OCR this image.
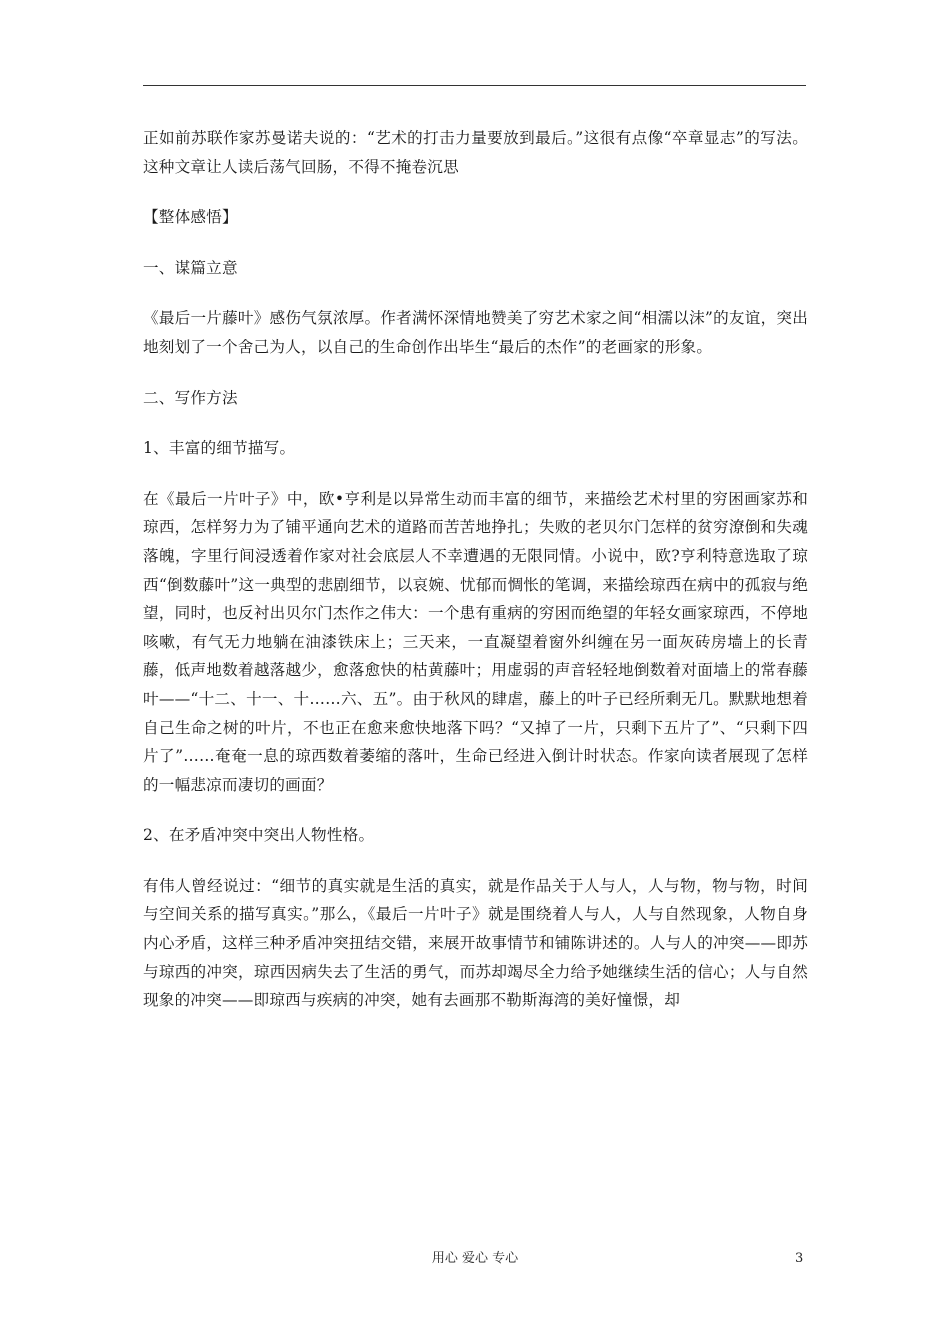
正如前苏联作家苏曼诺夫说的：“艺术的打击力量要放到最后。”这很有点像“卒章显志”的写法。这种文章让人读后荡气回肠，不得不掩卷沉思

【整体感悟】

一、谋篇立意

《最后一片藤叶》感伤气氛浓厚。作者满怀深情地赞美了穷艺术家之间“相濡以沫”的友谊，突出地刻划了一个舍己为人，以自己的生命创作出毕生“最后的杰作”的老画家的形象。

二、写作方法

1、丰富的细节描写。

在《最后一片叶子》中，欧•亨利是以异常生动而丰富的细节，来描绘艺术村里的穷困画家苏和琼西，怎样努力为了铺平通向艺术的道路而苦苦地挣扎；失败的老贝尔门怎样的贫穷潦倒和失魂落魄，字里行间浸透着作家对社会底层人不幸遭遇的无限同情。小说中，欧?亨利特意选取了琼西“倒数藤叶”这一典型的悲剧细节，以哀婉、忧郁而惆怅的笔调，来描绘琼西在病中的孤寂与绝望，同时，也反衬出贝尔门杰作之伟大：一个患有重病的穷困而绝望的年轻女画家琼西，不停地咳嗽，有气无力地躺在油漆铁床上；三天来，一直凝望着窗外纠缠在另一面灰砖房墙上的长青藤，低声地数着越落越少，愈落愈快的枯黄藤叶；用虚弱的声音轻轻地倒数着对面墙上的常春藤叶——“十二、十一、十……六、五”。由于秋风的肆虐，藤上的叶子已经所剩无几。默默地想着自己生命之树的叶片，不也正在愈来愈快地落下吗？“又掉了一片，只剩下五片了”、“只剩下四片了”……奄奄一息的琼西数着萎缩的落叶，生命已经进入倒计时状态。作家向读者展现了怎样的一幅悲凉而凄切的画面？

2、在矛盾冲突中突出人物性格。

有伟人曾经说过：“细节的真实就是生活的真实，就是作品关于人与人，人与物，物与物，时间与空间关系的描写真实。”那么，《最后一片叶子》就是围绕着人与人，人与自然现象，人物自身内心矛盾，这样三种矛盾冲突扭结交错，来展开故事情节和铺陈讲述的。人与人的冲突——即苏与琼西的冲突，琼西因病失去了生活的勇气，而苏却竭尽全力给予她继续生活的信心；人与自然现象的冲突——即琼西与疾病的冲突，她有去画那不勒斯海湾的美好憧憬，却

用心 爱心 专心	3
